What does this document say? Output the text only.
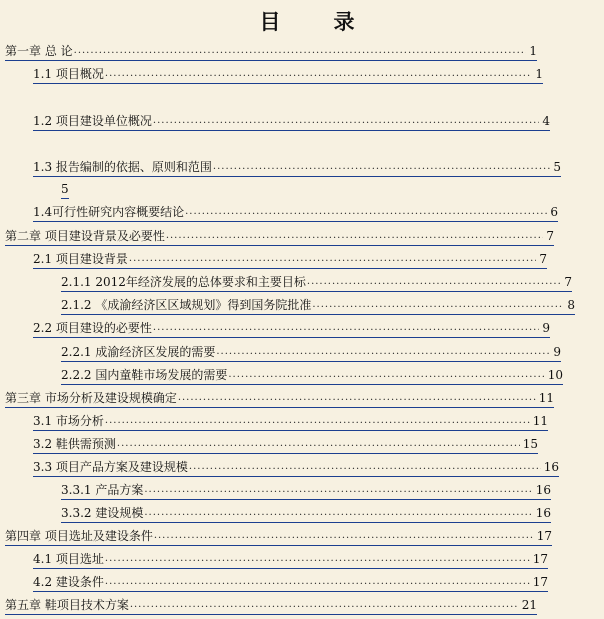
目　录
第一章 总 论 .....	1
1.1 项目概况 .....	1
1.2 项目建设单位概况 .....	4
1.3 报告编制的依据、原则和范围 .....	5
5
1.4可行性研究内容概要结论 .....	6
第二章 项目建设背景及必要性 .....	7
2.1 项目建设背景 .....	7
2.1.1 2012年经济发展的总体要求和主要目标 .....	7
2.1.2 《成渝经济区区域规划》得到国务院批准 .....	8
2.2 项目建设的必要性 .....	9
2.2.1 成渝经济区发展的需要 .....	9
2.2.2 国内童鞋市场发展的需要 .....	10
第三章 市场分析及建设规模确定 .....	11
3.1 市场分析 .....	11
3.2 鞋供需预测 .....	15
3.3 项目产品方案及建设规模 .....	16
3.3.1 产品方案 .....	16
3.3.2 建设规模 .....	16
第四章 项目选址及建设条件 .....	17
4.1 项目选址 .....	17
4.2 建设条件 .....	17
第五章 鞋项目技术方案 .....	21
